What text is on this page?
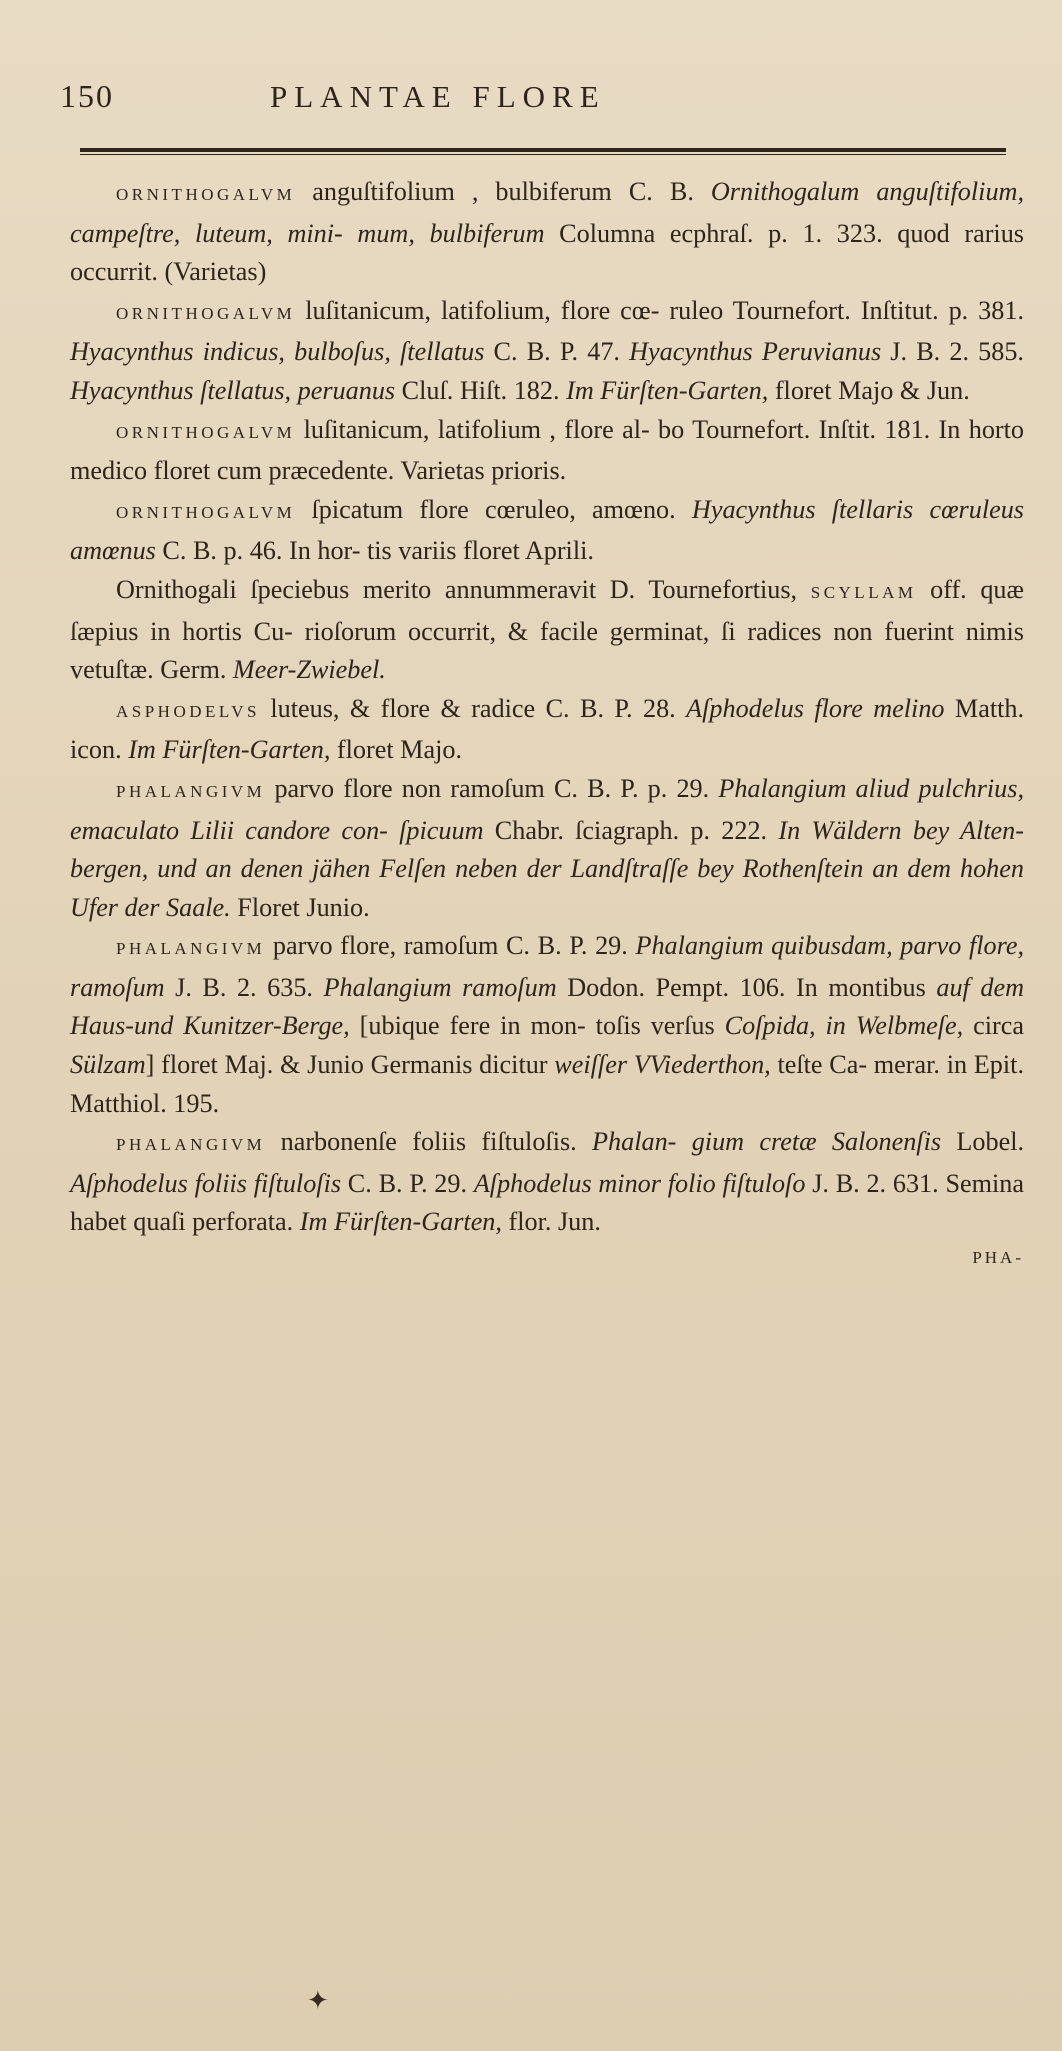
150	PLANTAE FLORE

ORNITHOGALVM anguſtifolium , bulbiferum C. B. Ornithogalum anguſtifolium, campeſtre, luteum, mini- mum, bulbiferum Columna ecphraſ. p. 1. 323. quod rarius occurrit. (Varietas)

ORNITHOGALVM luſitanicum, latifolium, flore cœ- ruleo Tournefort. Inſtitut. p. 381. Hyacynthus indicus, bulboſus, ſtellatus C. B. P. 47. Hyacynthus Peruvianus J. B. 2. 585. Hyacynthus ſtellatus, peruanus Cluſ. Hiſt. 182. Im Fürſten-Garten, floret Majo & Jun.

ORNITHOGALVM luſitanicum, latifolium , flore al- bo Tournefort. Inſtit. 181. In horto medico floret cum præcedente. Varietas prioris.

ORNITHOGALVM ſpicatum flore cœruleo, amœno. Hyacynthus ſtellaris cœruleus amœnus C. B. p. 46. In hor- tis variis floret Aprili.

Ornithogali ſpeciebus merito annummeravit D. Tournefortius, SCYLLAM off. quæ ſæpius in hortis Cu- rioſorum occurrit, & facile germinat, ſi radices non fuerint nimis vetuſtæ. Germ. Meer-Zwiebel.

ASPHODELVS luteus, & flore & radice C. B. P. 28. Aſphodelus flore melino Matth. icon. Im Fürſten-Garten, floret Majo.

PHALANGIVM parvo flore non ramoſum C. B. P. p. 29. Phalangium aliud pulchrius, emaculato Lilii candore con- ſpicuum Chabr. ſciagraph. p. 222. In Wäldern bey Alten- bergen, und an denen jähen Felſen neben der Landſtraſſe bey Rothenſtein an dem hohen Ufer der Saale. Floret Junio.

PHALANGIVM parvo flore, ramoſum C. B. P. 29. Phalangium quibusdam, parvo flore, ramoſum J. B. 2. 635. Phalangium ramoſum Dodon. Pempt. 106. In montibus auf dem Haus-und Kunitzer-Berge, [ubique fere in mon- toſis verſus Coſpida, in Welbmeſe, circa Sülzam] floret Maj. & Junio Germanis dicitur weiſſer VViederthon, teſte Ca- merar. in Epit. Matthiol. 195.

PHALANGIVM narbonenſe foliis fiſtuloſis. Phalan- gium cretæ Salonenſis Lobel. Aſphodelus foliis fiſtuloſis C. B. P. 29. Aſphodelus minor folio fiſtuloſo J. B. 2. 631. Semina habet quaſi perforata. Im Fürſten-Garten, flor. Jun.

PHA-
✦
